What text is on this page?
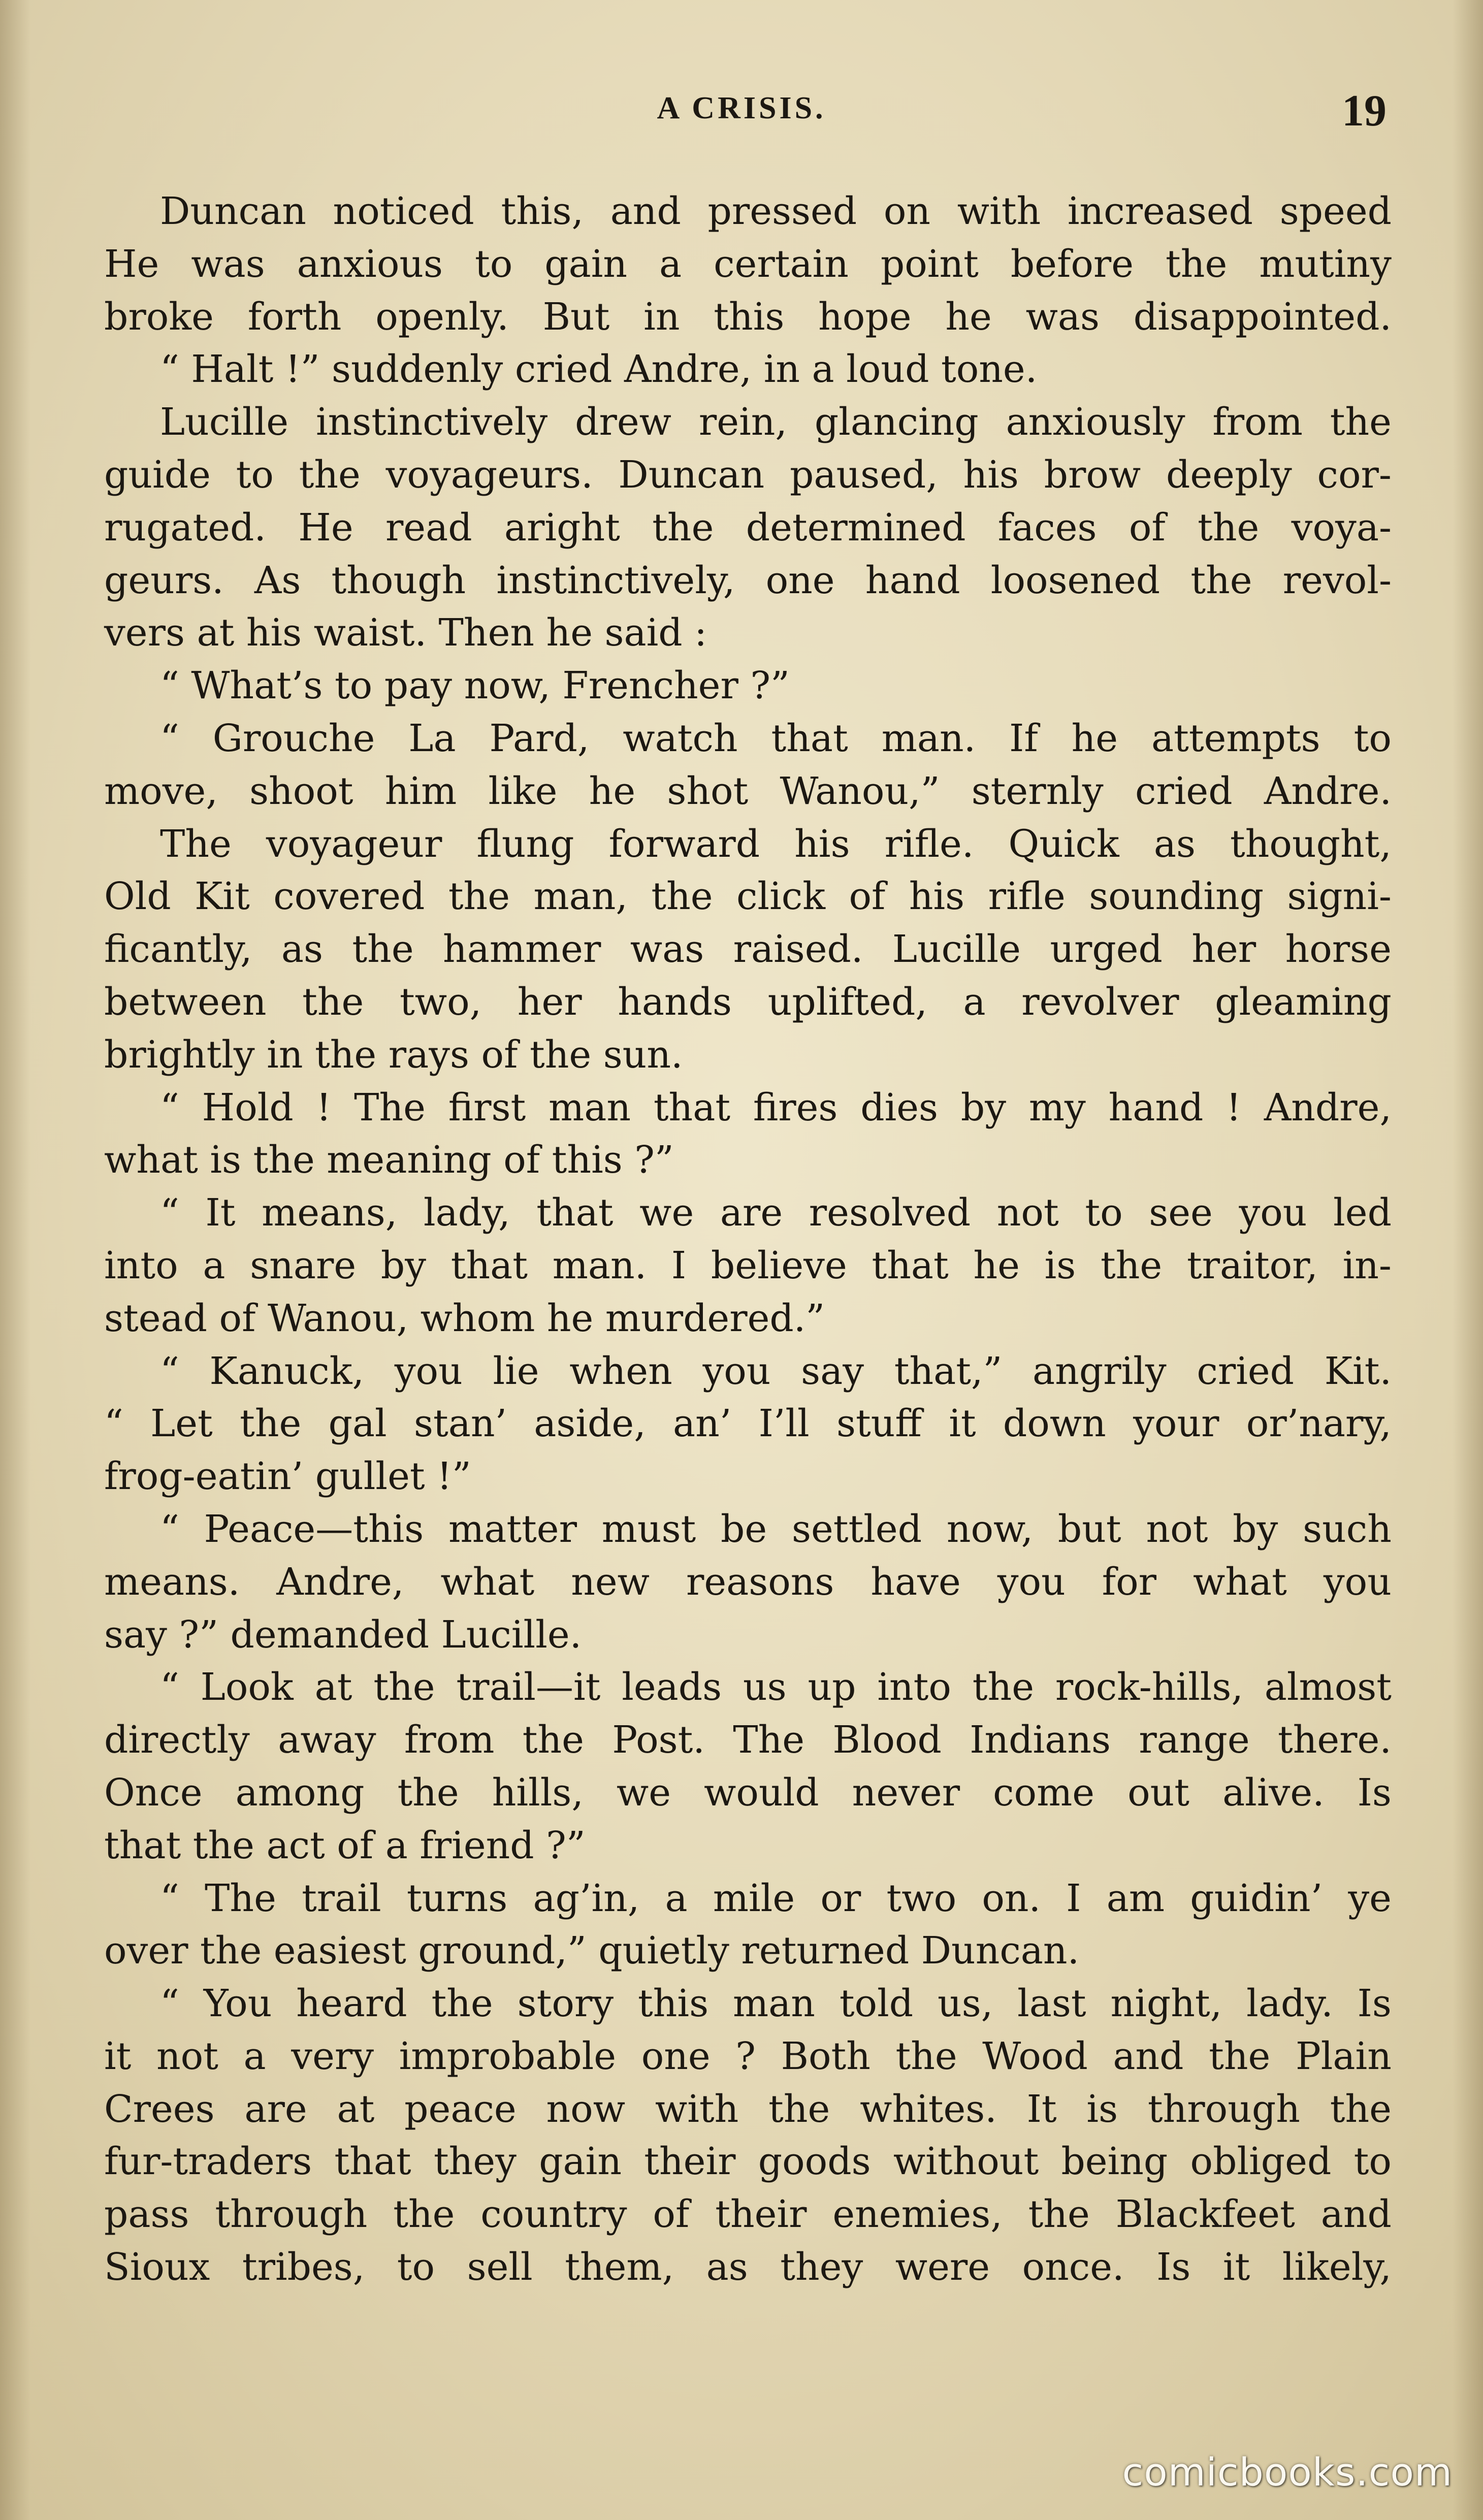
A CRISIS.	19
Duncan noticed this, and pressed on with increased speed
He was anxious to gain a certain point before the mutiny
broke forth openly. But in this hope he was disappointed.
“ Halt !” suddenly cried Andre, in a loud tone.
Lucille instinctively drew rein, glancing anxiously from the
guide to the voyageurs. Duncan paused, his brow deeply cor-
rugated. He read aright the determined faces of the voya-
geurs. As though instinctively, one hand loosened the revol-
vers at his waist. Then he said :
“ What’s to pay now, Frencher ?”
“ Grouche La Pard, watch that man. If he attempts to
move, shoot him like he shot Wanou,” sternly cried Andre.
The voyageur flung forward his rifle. Quick as thought,
Old Kit covered the man, the click of his rifle sounding signi-
ficantly, as the hammer was raised. Lucille urged her horse
between the two, her hands uplifted, a revolver gleaming
brightly in the rays of the sun.
“ Hold ! The first man that fires dies by my hand ! Andre,
what is the meaning of this ?”
“ It means, lady, that we are resolved not to see you led
into a snare by that man. I believe that he is the traitor, in-
stead of Wanou, whom he murdered.”
“ Kanuck, you lie when you say that,” angrily cried Kit.
“ Let the gal stan’ aside, an’ I’ll stuff it down your or’nary,
frog-eatin’ gullet !”
“ Peace—this matter must be settled now, but not by such
means. Andre, what new reasons have you for what you
say ?” demanded Lucille.
“ Look at the trail—it leads us up into the rock-hills, almost
directly away from the Post. The Blood Indians range there.
Once among the hills, we would never come out alive. Is
that the act of a friend ?”
“ The trail turns ag’in, a mile or two on. I am guidin’ ye
over the easiest ground,” quietly returned Duncan.
“ You heard the story this man told us, last night, lady. Is
it not a very improbable one ? Both the Wood and the Plain
Crees are at peace now with the whites. It is through the
fur-traders that they gain their goods without being obliged to
pass through the country of their enemies, the Blackfeet and
Sioux tribes, to sell them, as they were once. Is it likely,
comicbooks.com
